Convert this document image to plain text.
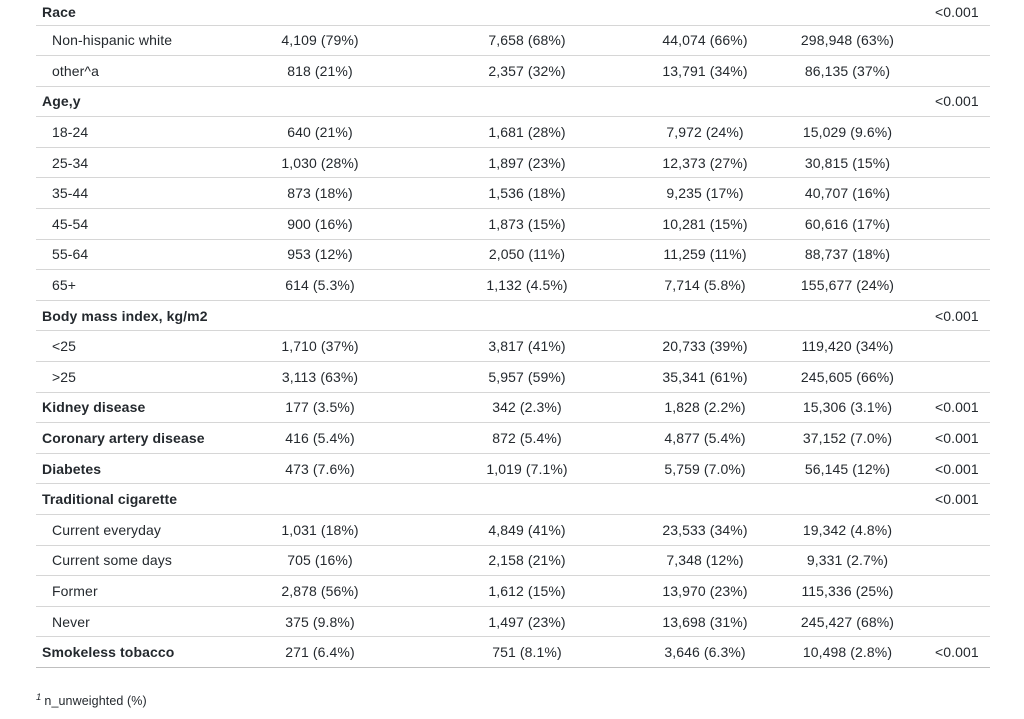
Race					<0.001
Non-hispanic white	4,109 (79%)	7,658 (68%)	44,074 (66%)	298,948 (63%)	
other^a	818 (21%)	2,357 (32%)	13,791 (34%)	86,135 (37%)	
Age,y					<0.001
18-24	640 (21%)	1,681 (28%)	7,972 (24%)	15,029 (9.6%)	
25-34	1,030 (28%)	1,897 (23%)	12,373 (27%)	30,815 (15%)	
35-44	873 (18%)	1,536 (18%)	9,235 (17%)	40,707 (16%)	
45-54	900 (16%)	1,873 (15%)	10,281 (15%)	60,616 (17%)	
55-64	953 (12%)	2,050 (11%)	11,259 (11%)	88,737 (18%)	
65+	614 (5.3%)	1,132 (4.5%)	7,714 (5.8%)	155,677 (24%)	
Body mass index, kg/m2					<0.001
<25	1,710 (37%)	3,817 (41%)	20,733 (39%)	119,420 (34%)	
>25	3,113 (63%)	5,957 (59%)	35,341 (61%)	245,605 (66%)	
Kidney disease	177 (3.5%)	342 (2.3%)	1,828 (2.2%)	15,306 (3.1%)	<0.001
Coronary artery disease	416 (5.4%)	872 (5.4%)	4,877 (5.4%)	37,152 (7.0%)	<0.001
Diabetes	473 (7.6%)	1,019 (7.1%)	5,759 (7.0%)	56,145 (12%)	<0.001
Traditional cigarette					<0.001
Current everyday	1,031 (18%)	4,849 (41%)	23,533 (34%)	19,342 (4.8%)	
Current some days	705 (16%)	2,158 (21%)	7,348 (12%)	9,331 (2.7%)	
Former	2,878 (56%)	1,612 (15%)	13,970 (23%)	115,336 (25%)	
Never	375 (9.8%)	1,497 (23%)	13,698 (31%)	245,427 (68%)	
Smokeless tobacco	271 (6.4%)	751 (8.1%)	3,646 (6.3%)	10,498 (2.8%)	<0.001
$^1$ n_unweighted (%)
